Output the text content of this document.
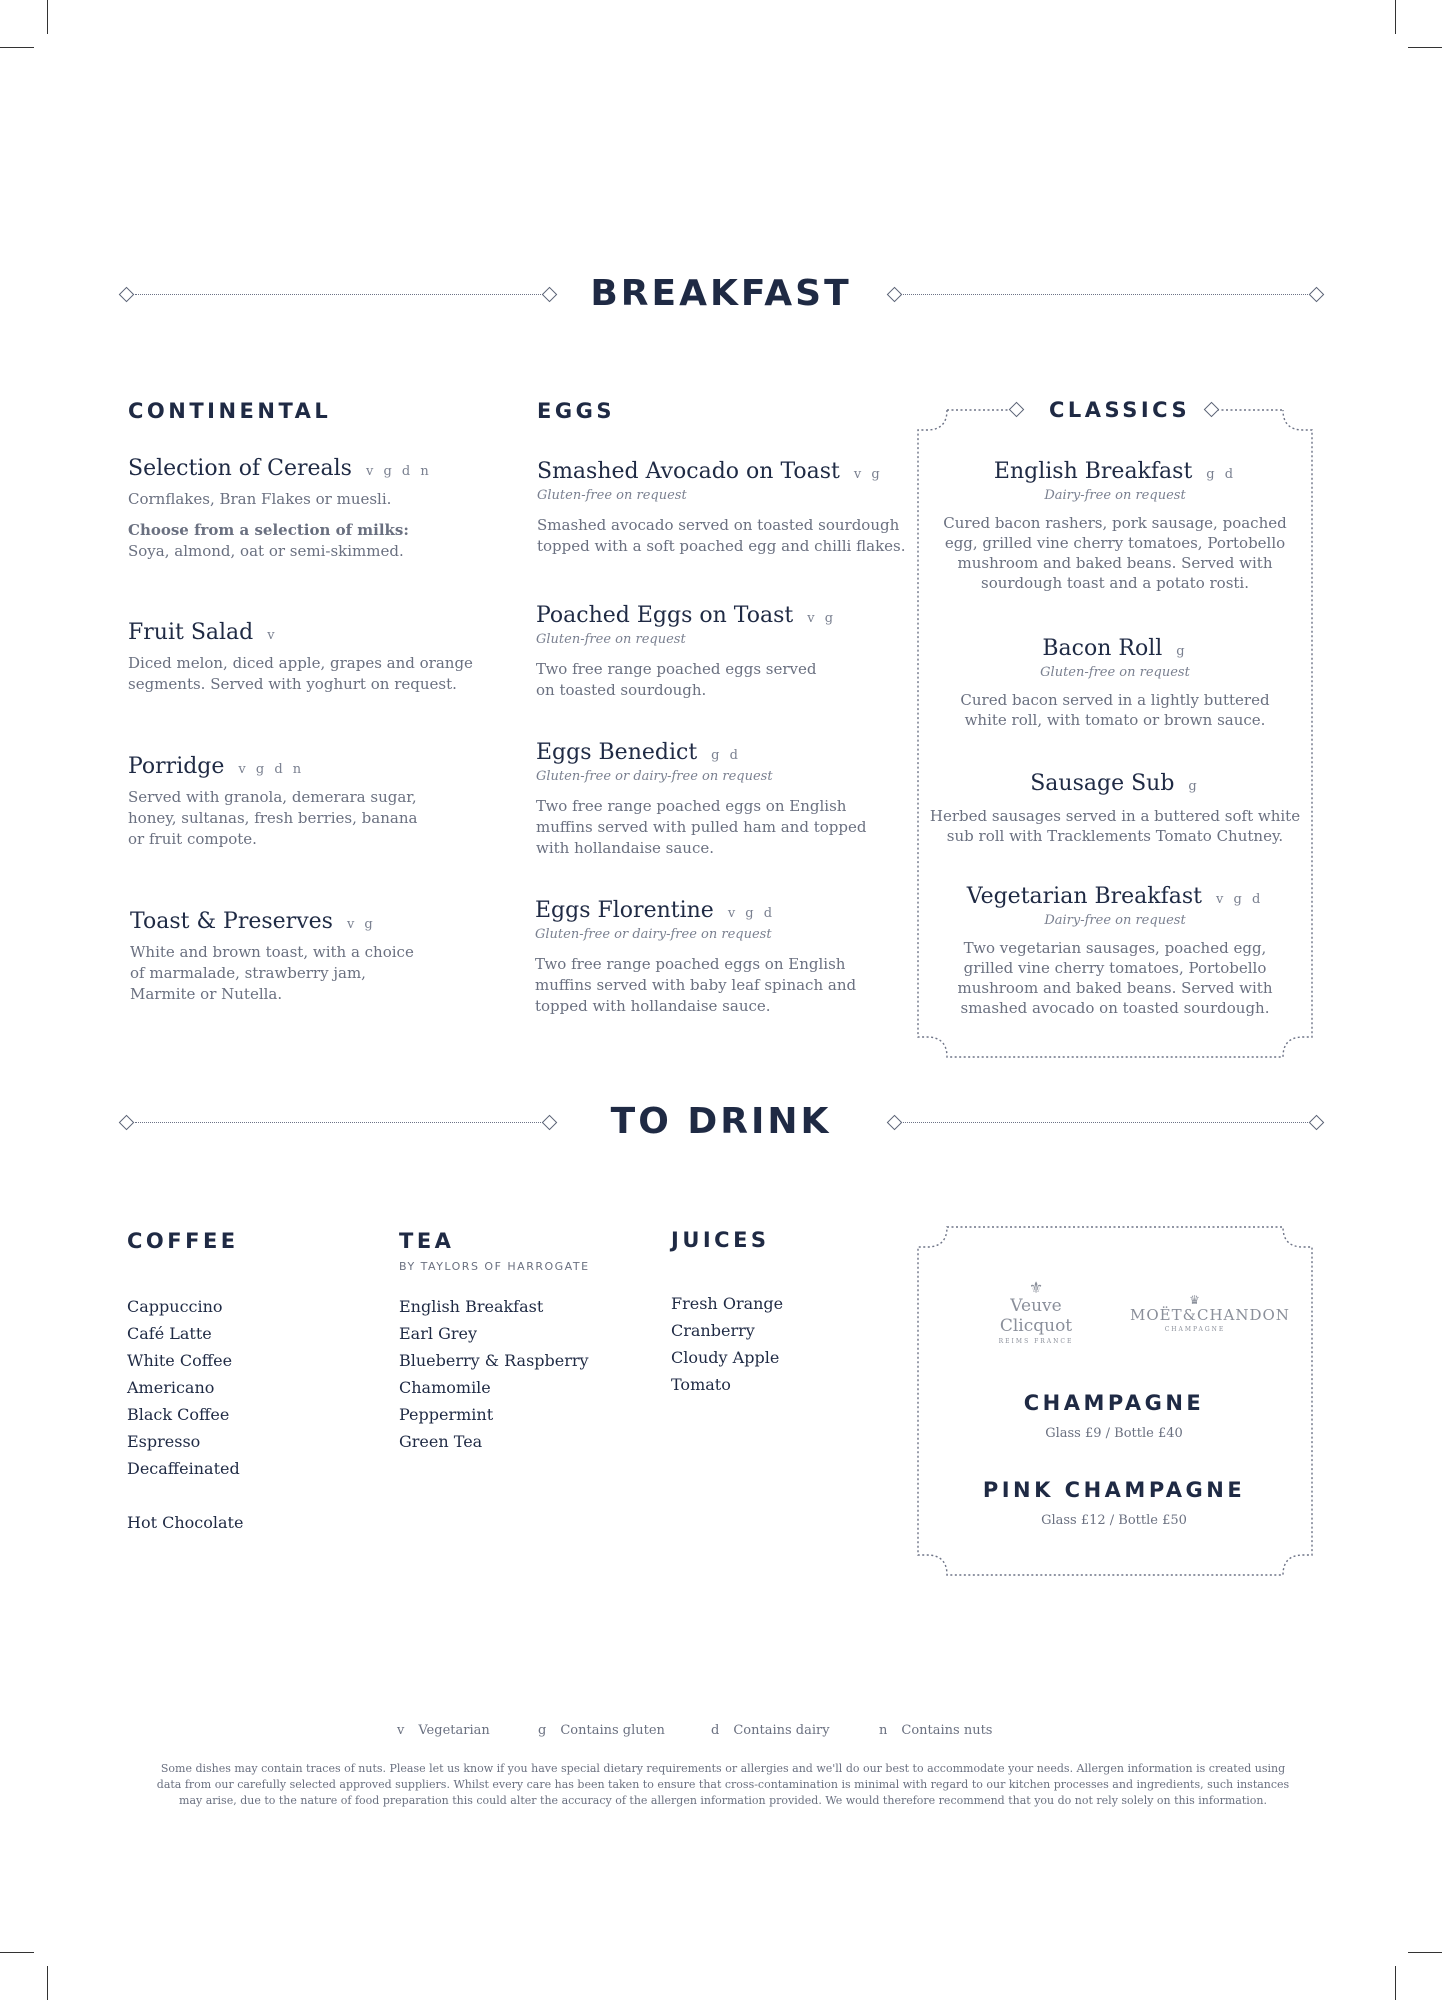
BREAKFAST
CONTINENTAL
Selection of Cereals v g d n
Cornflakes, Bran Flakes or muesli.
Choose from a selection of milks:
Soya, almond, oat or semi-skimmed.
Fruit Salad v
Diced melon, diced apple, grapes and orange
segments. Served with yoghurt on request.
Porridge v g d n
Served with granola, demerara sugar,
honey, sultanas, fresh berries, banana
or fruit compote.
Toast & Preserves v g
White and brown toast, with a choice
of marmalade, strawberry jam,
Marmite or Nutella.
EGGS
Smashed Avocado on Toast v g
Gluten-free on request
Smashed avocado served on toasted sourdough
topped with a soft poached egg and chilli flakes.
Poached Eggs on Toast v g
Gluten-free on request
Two free range poached eggs served
on toasted sourdough.
Eggs Benedict g d
Gluten-free or dairy-free on request
Two free range poached eggs on English
muffins served with pulled ham and topped
with hollandaise sauce.
Eggs Florentine v g d
Gluten-free or dairy-free on request
Two free range poached eggs on English
muffins served with baby leaf spinach and
topped with hollandaise sauce.
CLASSICS
English Breakfast g d
Dairy-free on request
Cured bacon rashers, pork sausage, poached
egg, grilled vine cherry tomatoes, Portobello
mushroom and baked beans. Served with
sourdough toast and a potato rosti.
Bacon Roll g
Gluten-free on request
Cured bacon served in a lightly buttered
white roll, with tomato or brown sauce.
Sausage Sub g
Herbed sausages served in a buttered soft white
sub roll with Tracklements Tomato Chutney.
Vegetarian Breakfast v g d
Dairy-free on request
Two vegetarian sausages, poached egg,
grilled vine cherry tomatoes, Portobello
mushroom and baked beans. Served with
smashed avocado on toasted sourdough.
TO DRINK
COFFEE
Cappuccino
Café Latte
White Coffee
Americano
Black Coffee
Espresso
Decaffeinated
Hot Chocolate
TEA
BY TAYLORS OF HARROGATE
English Breakfast
Earl Grey
Blueberry & Raspberry
Chamomile
Peppermint
Green Tea
JUICES
Fresh Orange
Cranberry
Cloudy Apple
Tomato
⚜
Veuve Clicquot
REIMS FRANCE
♛
MOËT&CHANDON
CHAMPAGNE
CHAMPAGNE
Glass £9 / Bottle £40
PINK CHAMPAGNE
Glass £12 / Bottle £50
v Vegetarian	g Contains gluten	d Contains dairy	n Contains nuts
Some dishes may contain traces of nuts. Please let us know if you have special dietary requirements or allergies and we'll do our best to accommodate your needs. Allergen information is created using data from our carefully selected approved suppliers. Whilst every care has been taken to ensure that cross-contamination is minimal with regard to our kitchen processes and ingredients, such instances may arise, due to the nature of food preparation this could alter the accuracy of the allergen information provided. We would therefore recommend that you do not rely solely on this information.
